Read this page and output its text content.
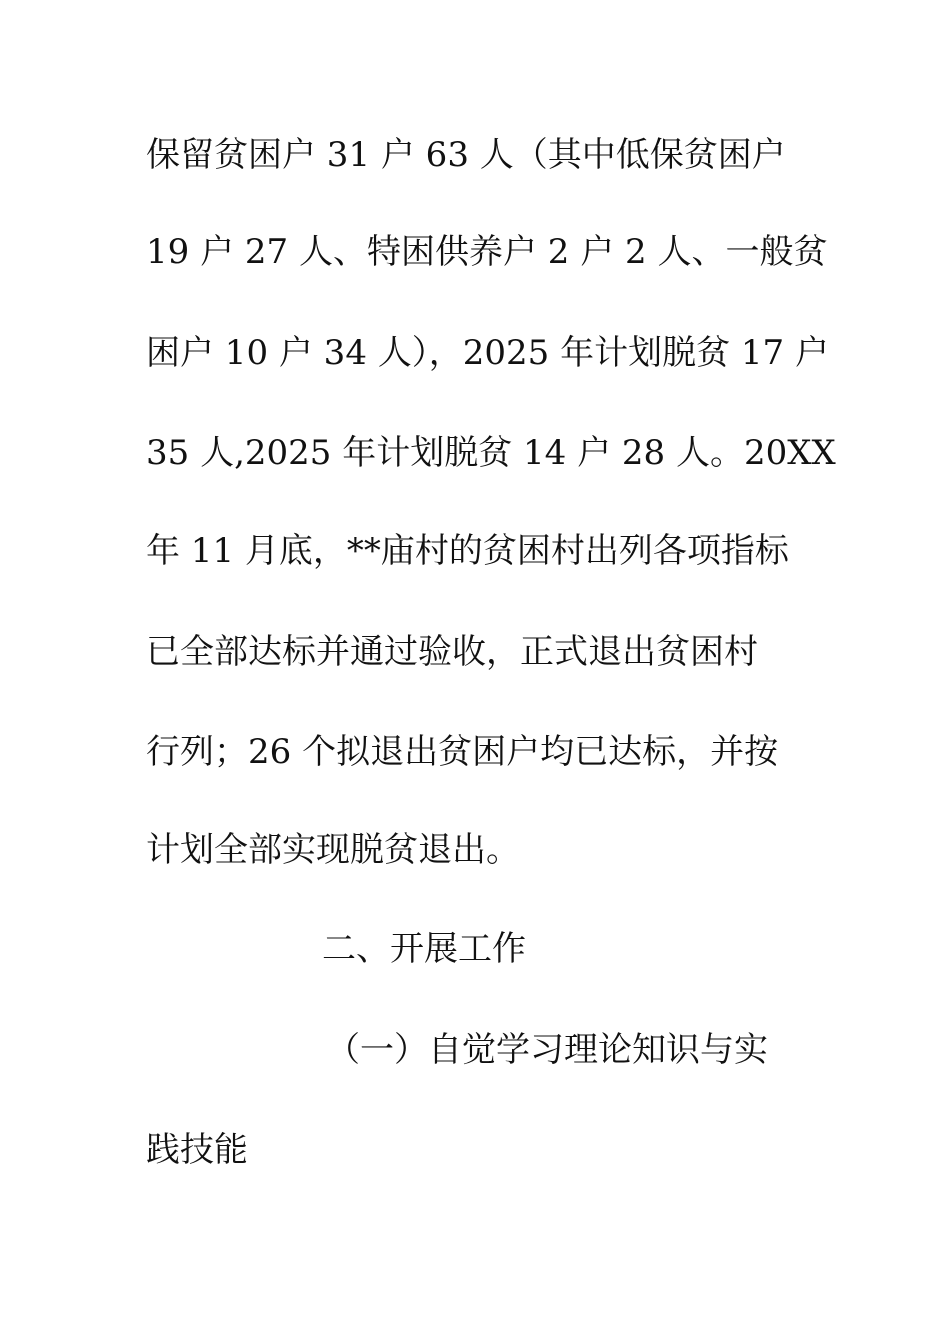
保留贫困户 31 户 63 人（其中低保贫困户
19 户 27 人、特困供养户 2 户 2 人、一般贫
困户 10 户 34 人），2025 年计划脱贫 17 户
35 人,2025 年计划脱贫 14 户 28 人。20XX
年 11 月底，**庙村的贫困村出列各项指标
已全部达标并通过验收，正式退出贫困村
行列；26 个拟退出贫困户均已达标，并按
计划全部实现脱贫退出。
二、开展工作
（一）自觉学习理论知识与实
践技能
